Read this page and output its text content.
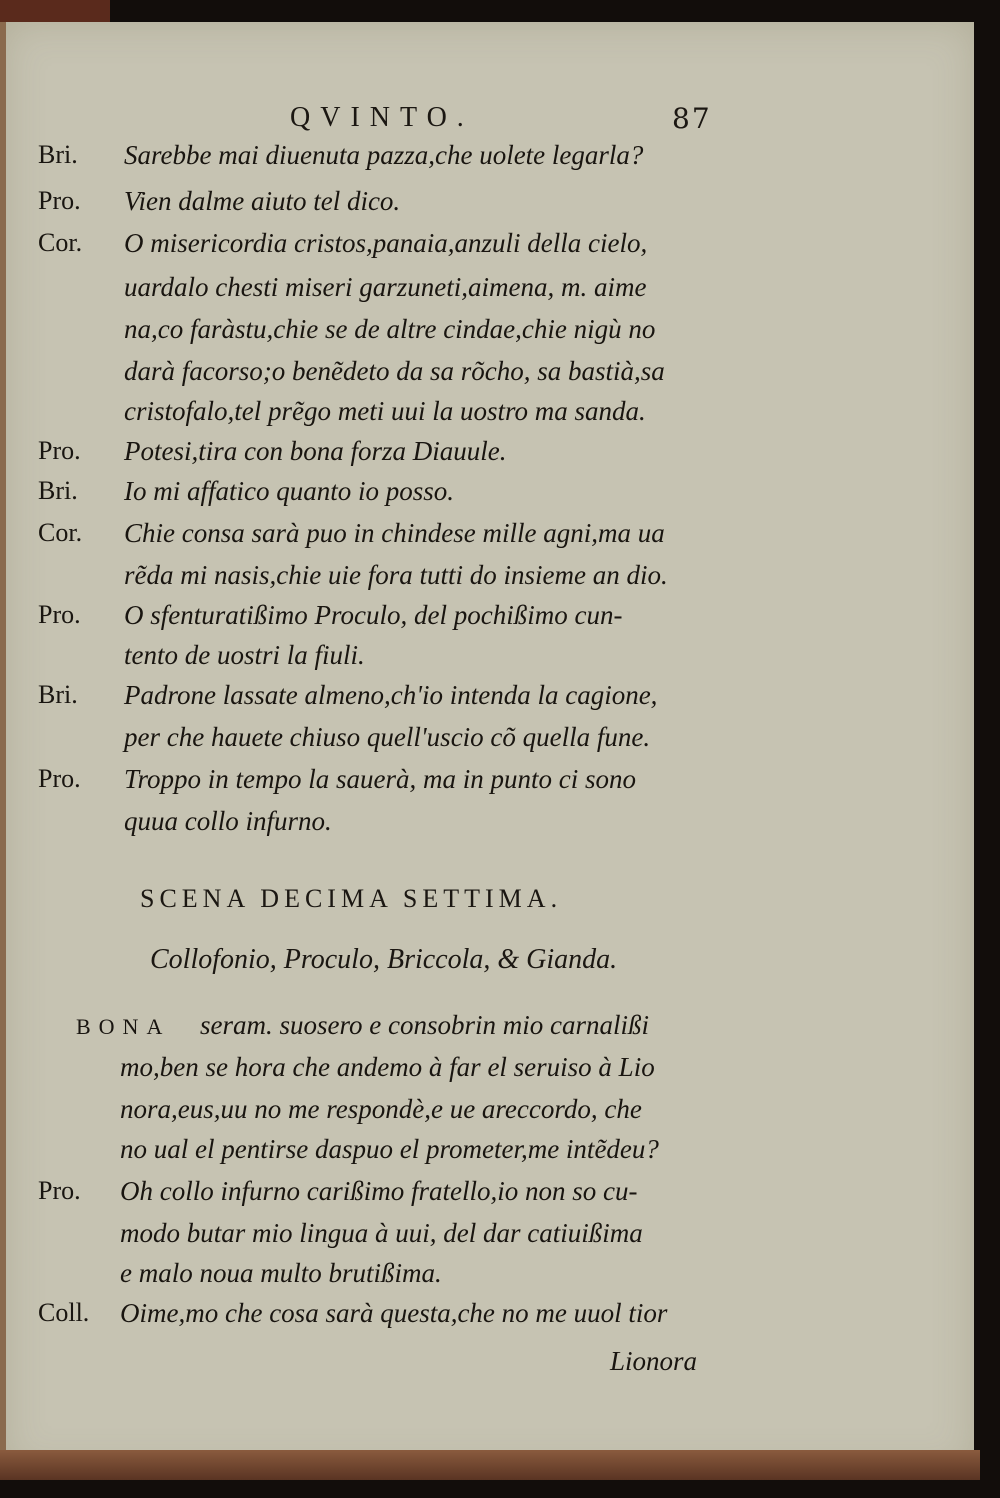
QVINTO.	87
Bri.	Sarebbe mai diuenuta pazza,che uolete legarla?
Pro.	Vien dalme aiuto tel dico.
Cor.	O misericordia cristos,panaia,anzuli della cielo,
uardalo chesti miseri garzuneti,aimena, m. aime
na,co faràstu,chie se de altre cindae,chie nigù no
darà facorso;o benẽdeto da sa rõcho, sa bastià,sa
cristofalo,tel prẽgo meti uui la uostro ma sanda.
Pro.	Potesi,tira con bona forza Diauule.
Bri.	Io mi affatico quanto io posso.
Cor.	Chie consa sarà puo in chindese mille agni,ma ua
rẽda mi nasis,chie uie fora tutti do insieme an dio.
Pro.	O sfenturatißimo Proculo, del pochißimo cun-
tento de uostri la fiuli.
Bri.	Padrone lassate almeno,ch'io intenda la cagione,
per che hauete chiuso quell'uscio cõ quella fune.
Pro.	Troppo in tempo la sauerà, ma in punto ci sono
quua collo infurno.
SCENA DECIMA SETTIMA.
Collofonio, Proculo, Briccola, & Gianda.
BONA seram. suosero e consobrin mio carnalißi
mo,ben se hora che andemo à far el seruiso à Lio
nora,eus,uu no me respondè,e ue areccordo, che
no ual el pentirse daspuo el prometer,me intẽdeu?
Pro.	Oh collo infurno carißimo fratello,io non so cu-
modo butar mio lingua à uui, del dar catiuißima
e malo noua multo brutißima.
Coll.	Oime,mo che cosa sarà questa,che no me uuol tior
Lionora
